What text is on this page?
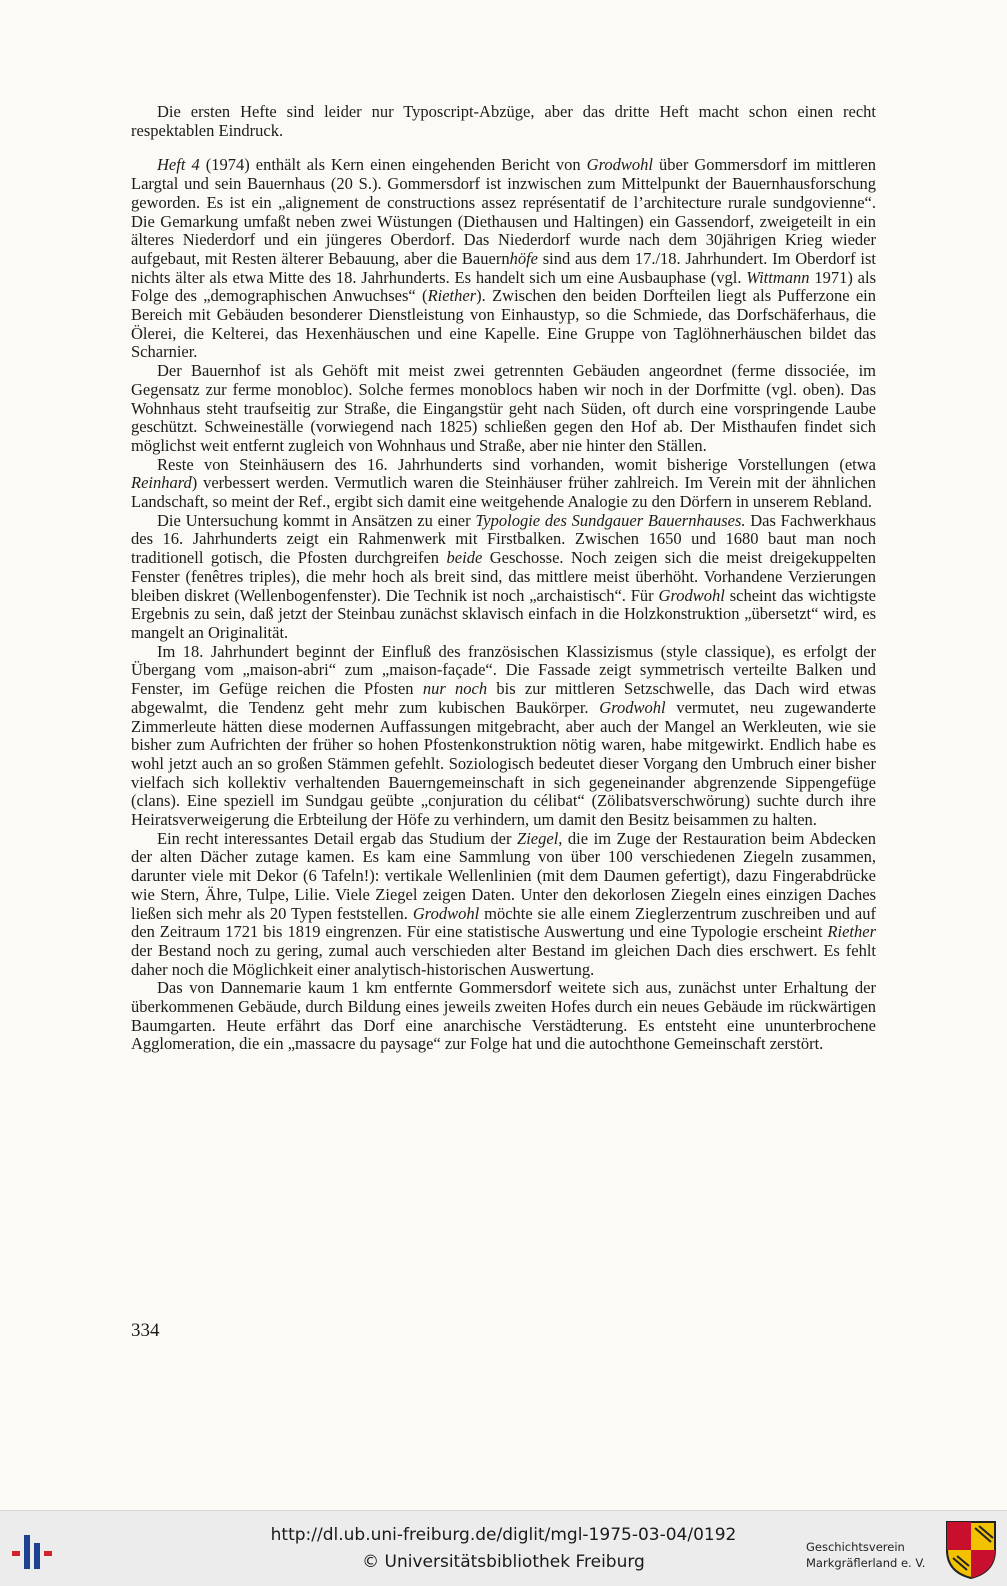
Die ersten Hefte sind leider nur Typoscript-Abzüge, aber das dritte Heft macht schon einen recht respektablen Eindruck.

Heft 4 (1974) enthält als Kern einen eingehenden Bericht von Grodwohl über Gommersdorf im mittleren Largtal und sein Bauernhaus (20 S.). Gommersdorf ist inzwischen zum Mittelpunkt der Bauernhausforschung geworden. Es ist ein „alignement de constructions assez représentatif de l’architecture rurale sundgovienne“. Die Gemarkung umfaßt neben zwei Wüstungen (Diethausen und Haltingen) ein Gassendorf, zweigeteilt in ein älteres Niederdorf und ein jüngeres Oberdorf. Das Niederdorf wurde nach dem 30jährigen Krieg wieder aufgebaut, mit Resten älterer Bebauung, aber die Bauernhöfe sind aus dem 17./18. Jahrhundert. Im Oberdorf ist nichts älter als etwa Mitte des 18. Jahrhunderts. Es handelt sich um eine Ausbauphase (vgl. Wittmann 1971) als Folge des „demographischen Anwuchses“ (Riether). Zwischen den beiden Dorfteilen liegt als Pufferzone ein Bereich mit Gebäuden besonderer Dienstleistung von Einhaustyp, so die Schmiede, das Dorfschäferhaus, die Ölerei, die Kelterei, das Hexenhäuschen und eine Kapelle. Eine Gruppe von Taglöhnerhäuschen bildet das Scharnier.

Der Bauernhof ist als Gehöft mit meist zwei getrennten Gebäuden angeordnet (ferme dissociée, im Gegensatz zur ferme monobloc). Solche fermes monoblocs haben wir noch in der Dorfmitte (vgl. oben). Das Wohnhaus steht traufseitig zur Straße, die Eingangstür geht nach Süden, oft durch eine vorspringende Laube geschützt. Schweineställe (vorwiegend nach 1825) schließen gegen den Hof ab. Der Misthaufen findet sich möglichst weit entfernt zugleich von Wohnhaus und Straße, aber nie hinter den Ställen.

Reste von Steinhäusern des 16. Jahrhunderts sind vorhanden, womit bisherige Vorstellungen (etwa Reinhard) verbessert werden. Vermutlich waren die Steinhäuser früher zahlreich. Im Verein mit der ähnlichen Landschaft, so meint der Ref., ergibt sich damit eine weitgehende Analogie zu den Dörfern in unserem Rebland.

Die Untersuchung kommt in Ansätzen zu einer Typologie des Sundgauer Bauernhauses. Das Fachwerkhaus des 16. Jahrhunderts zeigt ein Rahmenwerk mit Firstbalken. Zwischen 1650 und 1680 baut man noch traditionell gotisch, die Pfosten durchgreifen beide Geschosse. Noch zeigen sich die meist dreigekuppelten Fenster (fenêtres triples), die mehr hoch als breit sind, das mittlere meist überhöht. Vorhandene Verzierungen bleiben diskret (Wellenbogenfenster). Die Technik ist noch „archaistisch“. Für Grodwohl scheint das wichtigste Ergebnis zu sein, daß jetzt der Steinbau zunächst sklavisch einfach in die Holzkonstruktion „übersetzt“ wird, es mangelt an Originalität.

Im 18. Jahrhundert beginnt der Einfluß des französischen Klassizismus (style classique), es erfolgt der Übergang vom „maison-abri“ zum „maison-façade“. Die Fassade zeigt symmetrisch verteilte Balken und Fenster, im Gefüge reichen die Pfosten nur noch bis zur mittleren Setzschwelle, das Dach wird etwas abgewalmt, die Tendenz geht mehr zum kubischen Baukörper. Grodwohl vermutet, neu zugewanderte Zimmerleute hätten diese modernen Auffassungen mitgebracht, aber auch der Mangel an Werkleuten, wie sie bisher zum Aufrichten der früher so hohen Pfostenkonstruktion nötig waren, habe mitgewirkt. Endlich habe es wohl jetzt auch an so großen Stämmen gefehlt. Soziologisch bedeutet dieser Vorgang den Umbruch einer bisher vielfach sich kollektiv verhaltenden Bauerngemeinschaft in sich gegeneinander abgrenzende Sippengefüge (clans). Eine speziell im Sundgau geübte „conjuration du célibat“ (Zölibatsverschwörung) suchte durch ihre Heiratsverweigerung die Erbteilung der Höfe zu verhindern, um damit den Besitz beisammen zu halten.

Ein recht interessantes Detail ergab das Studium der Ziegel, die im Zuge der Restauration beim Abdecken der alten Dächer zutage kamen. Es kam eine Sammlung von über 100 verschiedenen Ziegeln zusammen, darunter viele mit Dekor (6 Tafeln!): vertikale Wellenlinien (mit dem Daumen gefertigt), dazu Fingerabdrücke wie Stern, Ähre, Tulpe, Lilie. Viele Ziegel zeigen Daten. Unter den dekorlosen Ziegeln eines einzigen Daches ließen sich mehr als 20 Typen feststellen. Grodwohl möchte sie alle einem Zieglerzentrum zuschreiben und auf den Zeitraum 1721 bis 1819 eingrenzen. Für eine statistische Auswertung und eine Typologie erscheint Riether der Bestand noch zu gering, zumal auch verschieden alter Bestand im gleichen Dach dies erschwert. Es fehlt daher noch die Möglichkeit einer analytisch-historischen Auswertung.

Das von Dannemarie kaum 1 km entfernte Gommersdorf weitete sich aus, zunächst unter Erhaltung der überkommenen Gebäude, durch Bildung eines jeweils zweiten Hofes durch ein neues Gebäude im rückwärtigen Baumgarten. Heute erfährt das Dorf eine anarchische Verstädterung. Es entsteht eine ununterbrochene Agglomeration, die ein „massacre du paysage“ zur Folge hat und die autochthone Gemeinschaft zerstört.

334
http://dl.ub.uni-freiburg.de/diglit/mgl-1975-03-04/0192
© Universitätsbibliothek Freiburg
Geschichtsverein
Markgräflerland e. V.
